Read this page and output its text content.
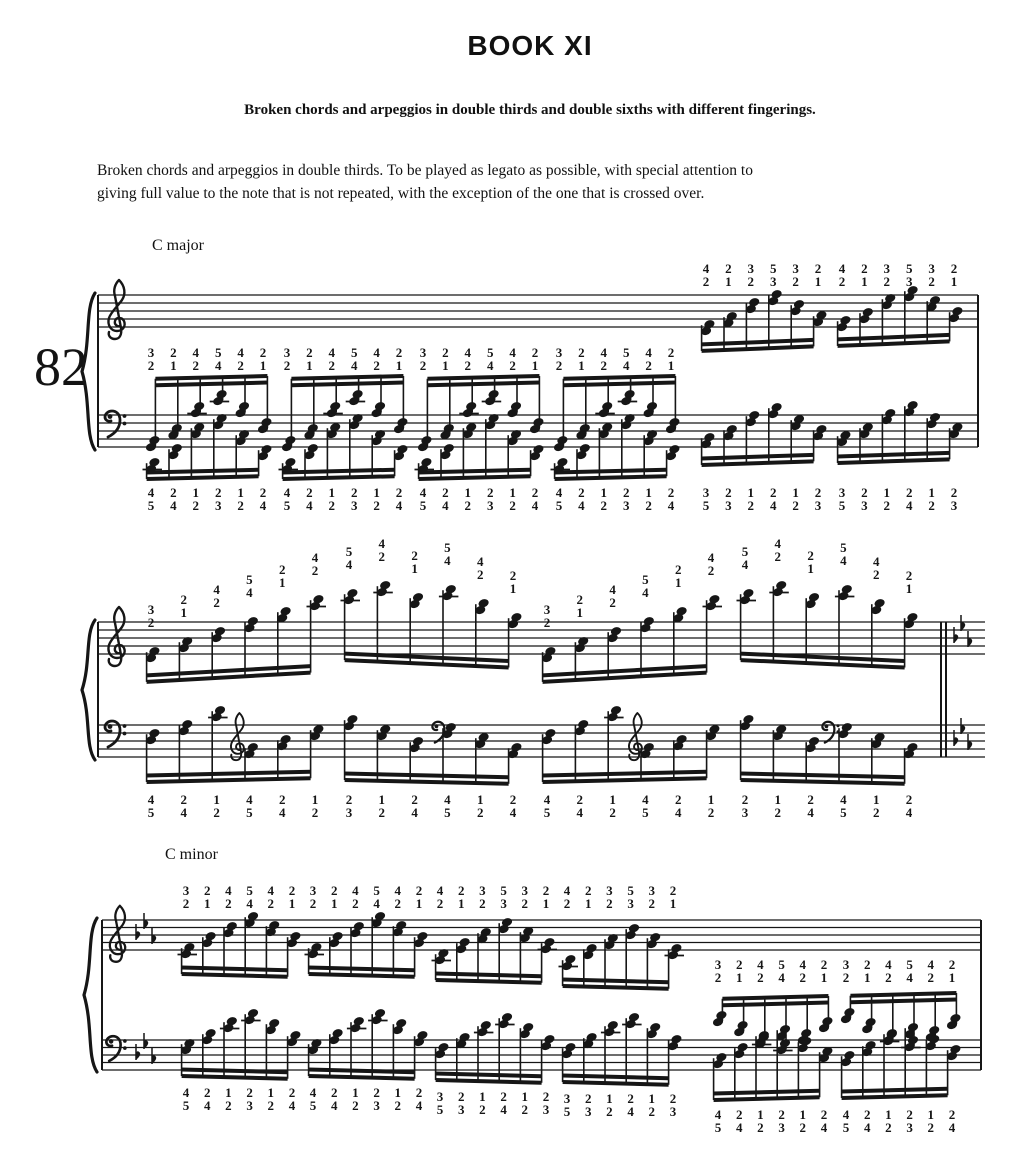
BOOK XI
Broken chords and arpeggios in double thirds and double sixths with different fingerings.
Broken chords and arpeggios in double thirds. To be played as legato as possible, with special attention to
giving full value to the note that is not repeated, with the exception of the one that is crossed over.
C major
C minor
82	3
2
2
1
4
2
5
4
4
2
2
1
3
2
2
1
4
2
5
4
4
2
2
1
3
2
2
1
4
2
5
4
4
2
2
1
3
2
2
1
4
2
5
4
4
2
2
1
4
5
2
4
1
2
2
3
1
2
2
4
4
5
2
4
1
2
2
3
1
2
2
4
4
5
2
4
1
2
2
3
1
2
2
4
4
5
2
4
1
2
2
3
1
2
2
4
4
2
2
1
3
2
5
3
3
2
2
1
4
2
2
1
3
2
5
3
3
2
2
1
3
5
2
3
1
2
2
4
1
2
2
3
3
5
2
3
1
2
2
4
1
2
2
3
3
2
2
1
4
2
5
4
2
1
4
2
5
4
4
2 2
1
5
4 4
2 2
1
3
2
2
1
4
2
5
4
2
1
4
2
5
4
4
2 2
1
5
4 4
2 2
1
4
5
2
4
1
2
4
5
2
4
1
2
2
3
1
2
2
4
4
5
1
2
2
4
4
5
2
4
1
2
4
5
2
4
1
2
2
3
1
2
2
4
4
5
1
2
2
4
3
2
2
1
4
2
5
4
4
2
2
1
3
2
2
1
4
2
5
4
4
2
2
1
4
2
2
1
3
2
5
3
3
2
2
1
4
2
2
1
3
2
5
3
3
2
2
1
4
5
2
4
1
2
2
3
1
2
2
4
4
5
2
4
1
2
2
3
1
2
2
4
3
5
2
3
1
2
2
4
1
2
2
3
3
5
2
3
1
2
2
4
1
2
2
3
3
2
2
1
4
2
5
4
4
2
2
1
3
2
2
1
4
2
5
4
4
2
2
1
4
5
2
4
1
2
2
3
1
2
2
4
4
5
2
4
1
2
2
3
1
2
2
4
